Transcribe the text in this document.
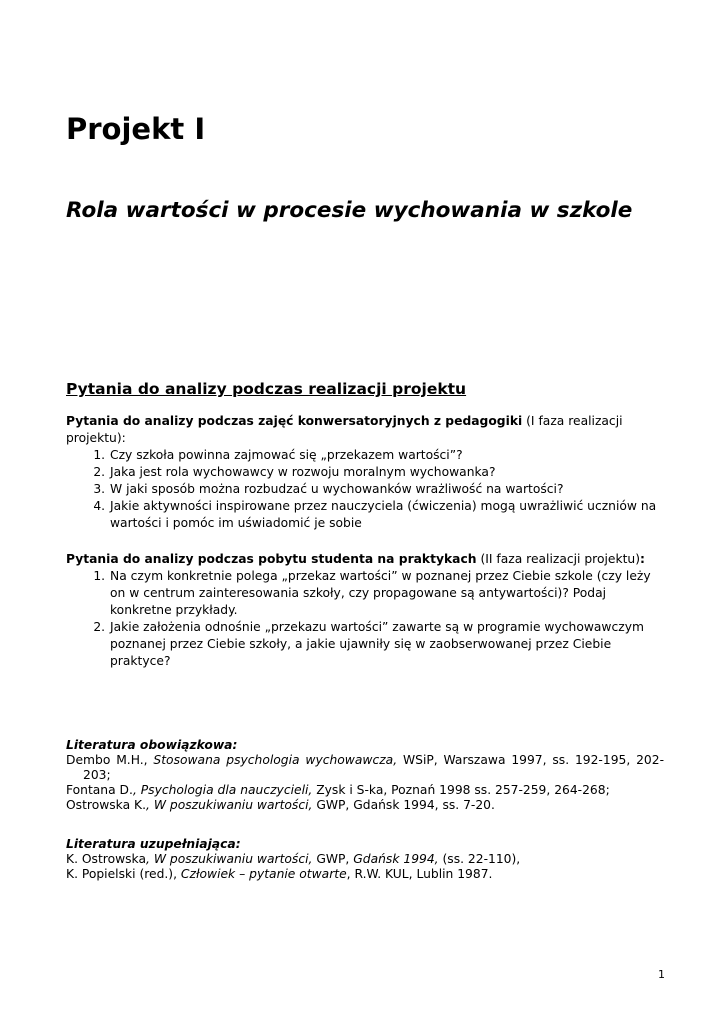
Projekt I
Rola wartości w procesie wychowania w szkole
Pytania do analizy podczas realizacji projektu

Pytania do analizy podczas zajęć konwersatoryjnych z pedagogiki (I faza realizacji projektu):

1. Czy szkoła powinna zajmować się „przekazem wartości”?
2. Jaka jest rola wychowawcy w rozwoju moralnym wychowanka?
3. W jaki sposób można rozbudzać u wychowanków wrażliwość na wartości?
4. Jakie aktywności inspirowane przez nauczyciela (ćwiczenia) mogą uwrażliwić uczniów na wartości i pomóc im uświadomić je sobie

Pytania do analizy podczas pobytu studenta na praktykach (II faza realizacji projektu):

1. Na czym konkretnie polega „przekaz wartości” w poznanej przez Ciebie szkole (czy leży on w centrum zainteresowania szkoły, czy propagowane są antywartości)? Podaj konkretne przykłady.
2. Jakie założenia odnośnie „przekazu wartości” zawarte są w programie wychowawczym poznanej przez Ciebie szkoły, a jakie ujawniły się w zaobserwowanej przez Ciebie praktyce?

Literatura obowiązkowa:

Dembo M.H., Stosowana psychologia wychowawcza, WSiP, Warszawa 1997, ss. 192-195, 202-203;

Fontana D., Psychologia dla nauczycieli, Zysk i S-ka, Poznań 1998 ss. 257-259, 264-268;

Ostrowska K., W poszukiwaniu wartości, GWP, Gdańsk 1994, ss. 7-20.

Literatura uzupełniająca:

K. Ostrowska, W poszukiwaniu wartości, GWP, Gdańsk 1994, (ss. 22-110),

K. Popielski (red.), Człowiek – pytanie otwarte, R.W. KUL, Lublin 1987.

1
